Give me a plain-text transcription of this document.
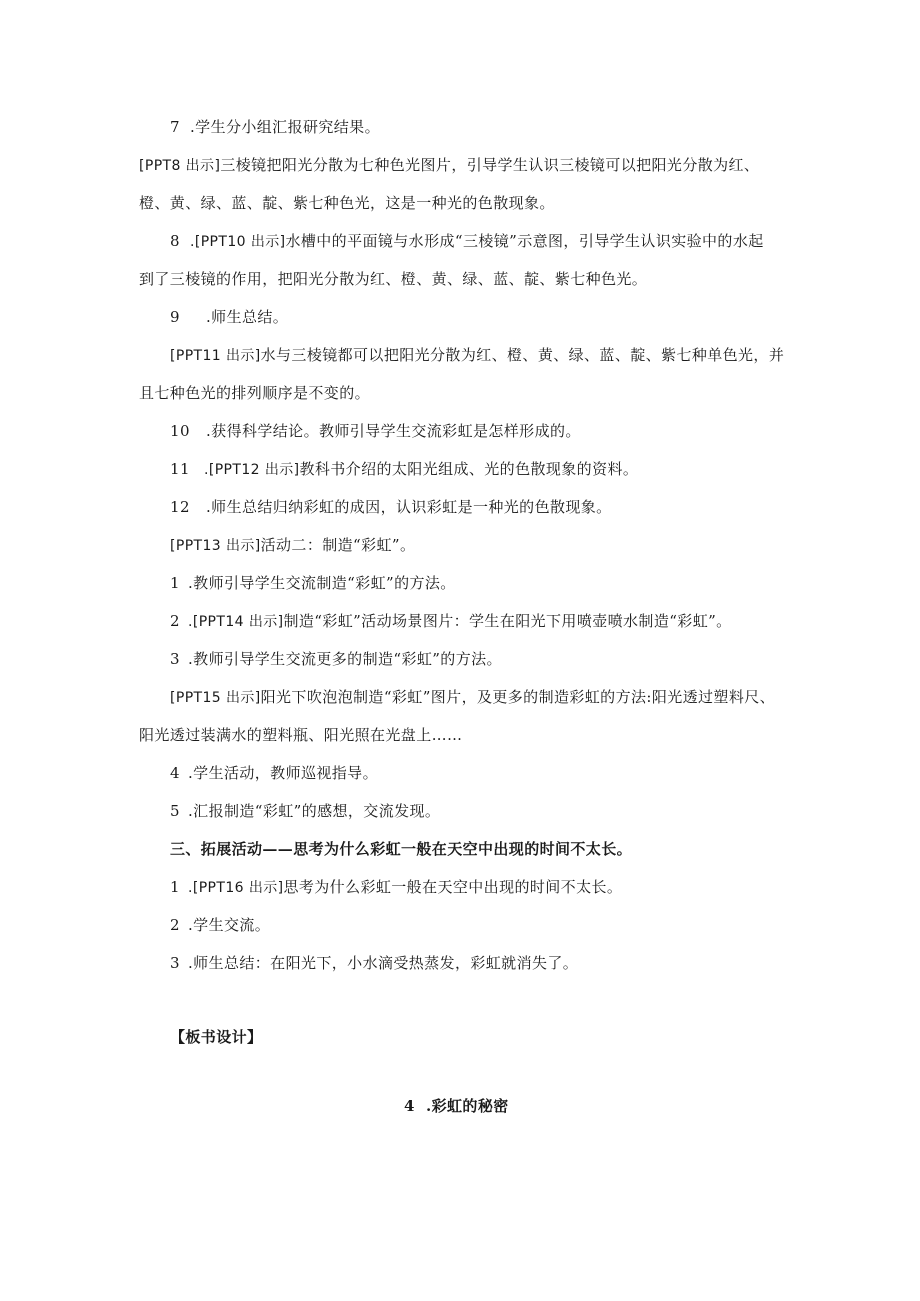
7 .学生分小组汇报研究结果。
[PPT8 出示]三棱镜把阳光分散为七种色光图片，引导学生认识三棱镜可以把阳光分散为红、
橙、黄、绿、蓝、靛、紫七种色光，这是一种光的色散现象。
8 .[PPT10 出示]水槽中的平面镜与水形成“三棱镜”示意图，引导学生认识实验中的水起
到了三棱镜的作用，把阳光分散为红、橙、黄、绿、蓝、靛、紫七种色光。
9 .师生总结。
[PPT11 出示]水与三棱镜都可以把阳光分散为红、橙、黄、绿、蓝、靛、紫七种单色光，并
且七种色光的排列顺序是不变的。
10 .获得科学结论。教师引导学生交流彩虹是怎样形成的。
11 .[PPT12 出示]教科书介绍的太阳光组成、光的色散现象的资料。
12 .师生总结归纳彩虹的成因，认识彩虹是一种光的色散现象。
[PPT13 出示]活动二：制造“彩虹”。
1 .教师引导学生交流制造“彩虹”的方法。
2 .[PPT14 出示]制造“彩虹”活动场景图片：学生在阳光下用喷壶喷水制造“彩虹”。
3 .教师引导学生交流更多的制造“彩虹”的方法。
[PPT15 出示]阳光下吹泡泡制造“彩虹”图片，及更多的制造彩虹的方法:阳光透过塑料尺、
阳光透过装满水的塑料瓶、阳光照在光盘上……
4 .学生活动，教师巡视指导。
5 .汇报制造“彩虹”的感想，交流发现。
三、拓展活动——思考为什么彩虹一般在天空中出现的时间不太长。
1 .[PPT16 出示]思考为什么彩虹一般在天空中出现的时间不太长。
2 .学生交流。
3 .师生总结：在阳光下，小水滴受热蒸发，彩虹就消失了。
【板书设计】
4 .彩虹的秘密
